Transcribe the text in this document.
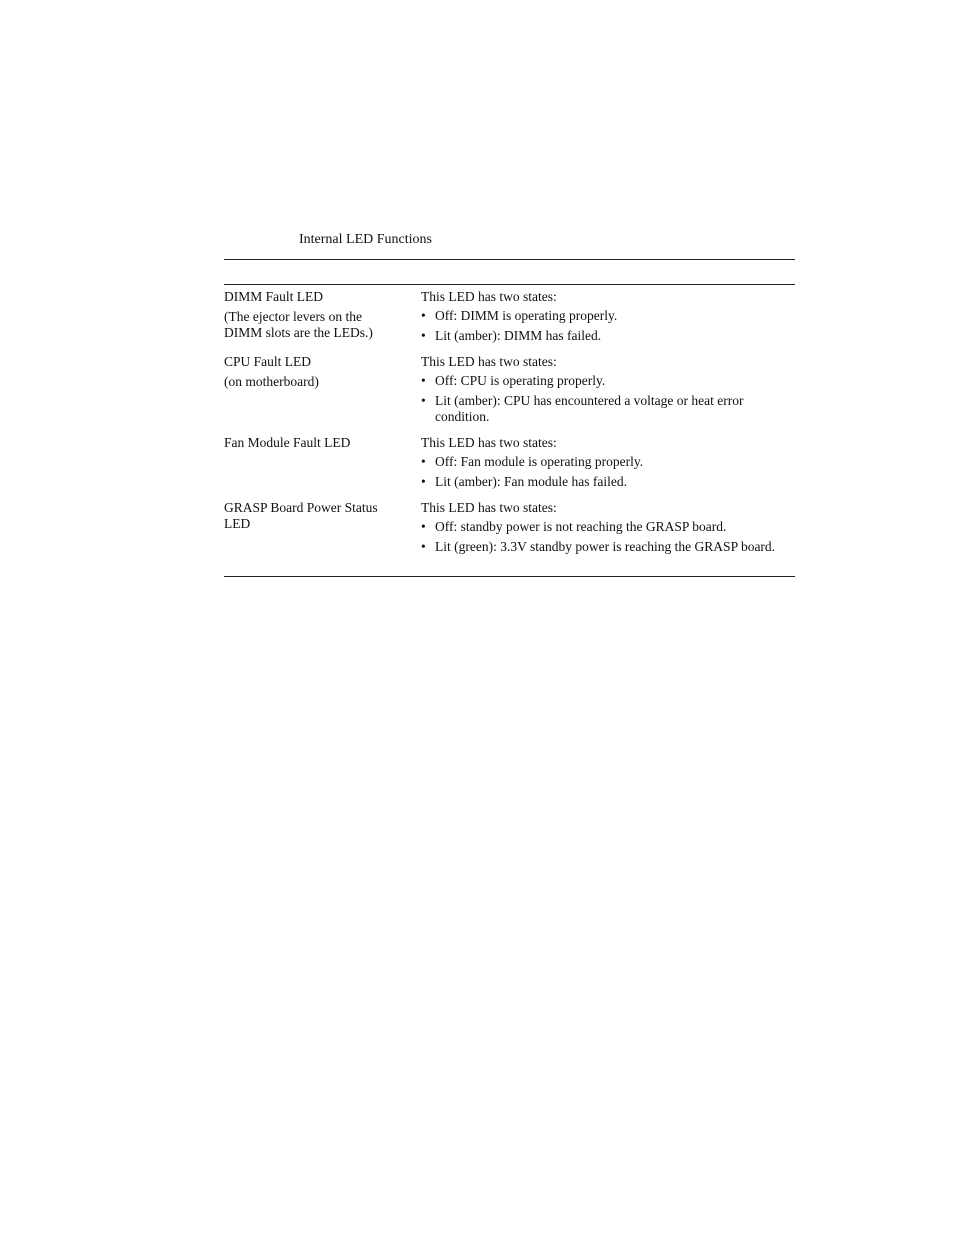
Internal LED Functions
DIMM Fault LED
(The ejector levers on the DIMM slots are the LEDs.)
This LED has two states:
• Off: DIMM is operating properly.
• Lit (amber): DIMM has failed.
CPU Fault LED
(on motherboard)
This LED has two states:
• Off: CPU is operating properly.
• Lit (amber): CPU has encountered a voltage or heat error condition.
Fan Module Fault LED	This LED has two states:
• Off: Fan module is operating properly.
• Lit (amber): Fan module has failed.
GRASP Board Power Status LED
This LED has two states:
• Off: standby power is not reaching the GRASP board.
• Lit (green): 3.3V standby power is reaching the GRASP board.
